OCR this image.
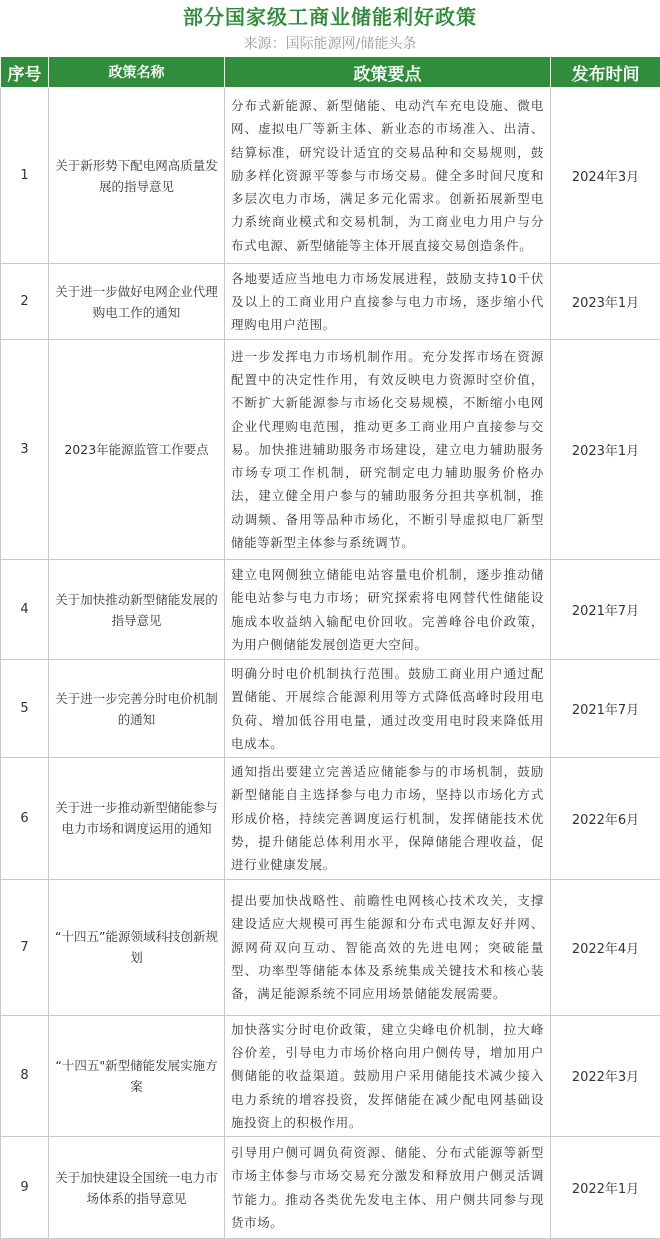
部分国家级工商业储能利好政策
来源：国际能源网/储能头条
序号	政策名称	政策要点	发布时间
1	关于新形势下配电网高质量发展的指导意见	分布式新能源、新型储能、电动汽车充电设施、微电网、虚拟电厂等新主体、新业态的市场准入、出清、结算标准，研究设计适宜的交易品种和交易规则，鼓励多样化资源平等参与市场交易。健全多时间尺度和多层次电力市场，满足多元化需求。创新拓展新型电力系统商业模式和交易机制，为工商业电力用户与分布式电源、新型储能等主体开展直接交易创造条件。	2024年3月
2	关于进一步做好电网企业代理购电工作的通知	各地要适应当地电力市场发展进程，鼓励支持10千伏及以上的工商业用户直接参与电力市场，逐步缩小代理购电用户范围。	2023年1月
3	2023年能源监管工作要点	进一步发挥电力市场机制作用。充分发挥市场在资源配置中的决定性作用，有效反映电力资源时空价值，不断扩大新能源参与市场化交易规模，不断缩小电网企业代理购电范围，推动更多工商业用户直接参与交易。加快推进辅助服务市场建设，建立电力辅助服务市场专项工作机制，研究制定电力辅助服务价格办法，建立健全用户参与的辅助服务分担共享机制，推动调频、备用等品种市场化，不断引导虚拟电厂新型储能等新型主体参与系统调节。	2023年1月
4	关于加快推动新型储能发展的指导意见	建立电网侧独立储能电站容量电价机制，逐步推动储能电站参与电力市场；研究探索将电网替代性储能设施成本收益纳入输配电价回收。完善峰谷电价政策，为用户侧储能发展创造更大空间。	2021年7月
5	关于进一步完善分时电价机制的通知	明确分时电价机制执行范围。鼓励工商业用户通过配置储能、开展综合能源利用等方式降低高峰时段用电负荷、增加低谷用电量，通过改变用电时段来降低用电成本。	2021年7月
6	关于进一步推动新型储能参与电力市场和调度运用的通知	通知指出要建立完善适应储能参与的市场机制，鼓励新型储能自主选择参与电力市场，坚持以市场化方式形成价格，持续完善调度运行机制，发挥储能技术优势，提升储能总体利用水平，保障储能合理收益，促进行业健康发展。	2022年6月
7	“十四五”能源领域科技创新规划	提出要加快战略性、前瞻性电网核心技术攻关，支撑建设适应大规模可再生能源和分布式电源友好并网、源网荷双向互动、智能高效的先进电网；突破能量型、功率型等储能本体及系统集成关键技术和核心装备，满足能源系统不同应用场景储能发展需要。	2022年4月
8	“十四五"新型储能发展实施方案	加快落实分时电价政策，建立尖峰电价机制，拉大峰谷价差，引导电力市场价格向用户侧传导，增加用户侧储能的收益渠道。鼓励用户采用储能技术减少接入电力系统的增容投资，发挥储能在减少配电网基础设施投资上的积极作用。	2022年3月
9	关于加快建设全国统一电力市场体系的指导意见	引导用户侧可调负荷资源、储能、分布式能源等新型市场主体参与市场交易充分激发和释放用户侧灵活调节能力。推动各类优先发电主体、用户侧共同参与现货市场。	2022年1月
